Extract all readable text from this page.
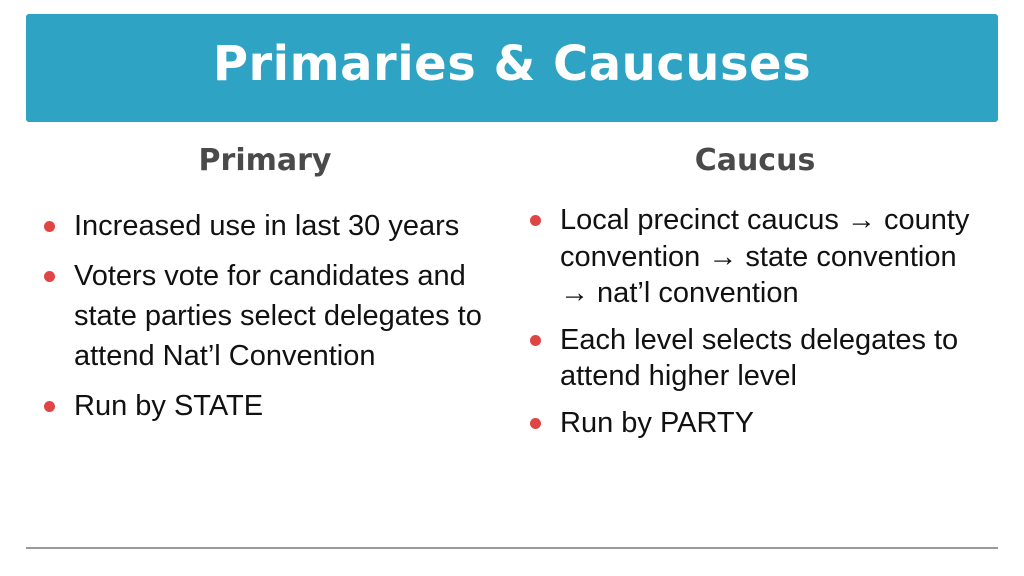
Primaries & Caucuses
Primary	Caucus
Increased use in last 30 years
Voters vote for candidates and state parties select delegates to attend Nat’l Convention
Run by STATE
Local precinct caucus → county convention → state convention → nat’l convention
Each level selects delegates to attend higher level
Run by PARTY
